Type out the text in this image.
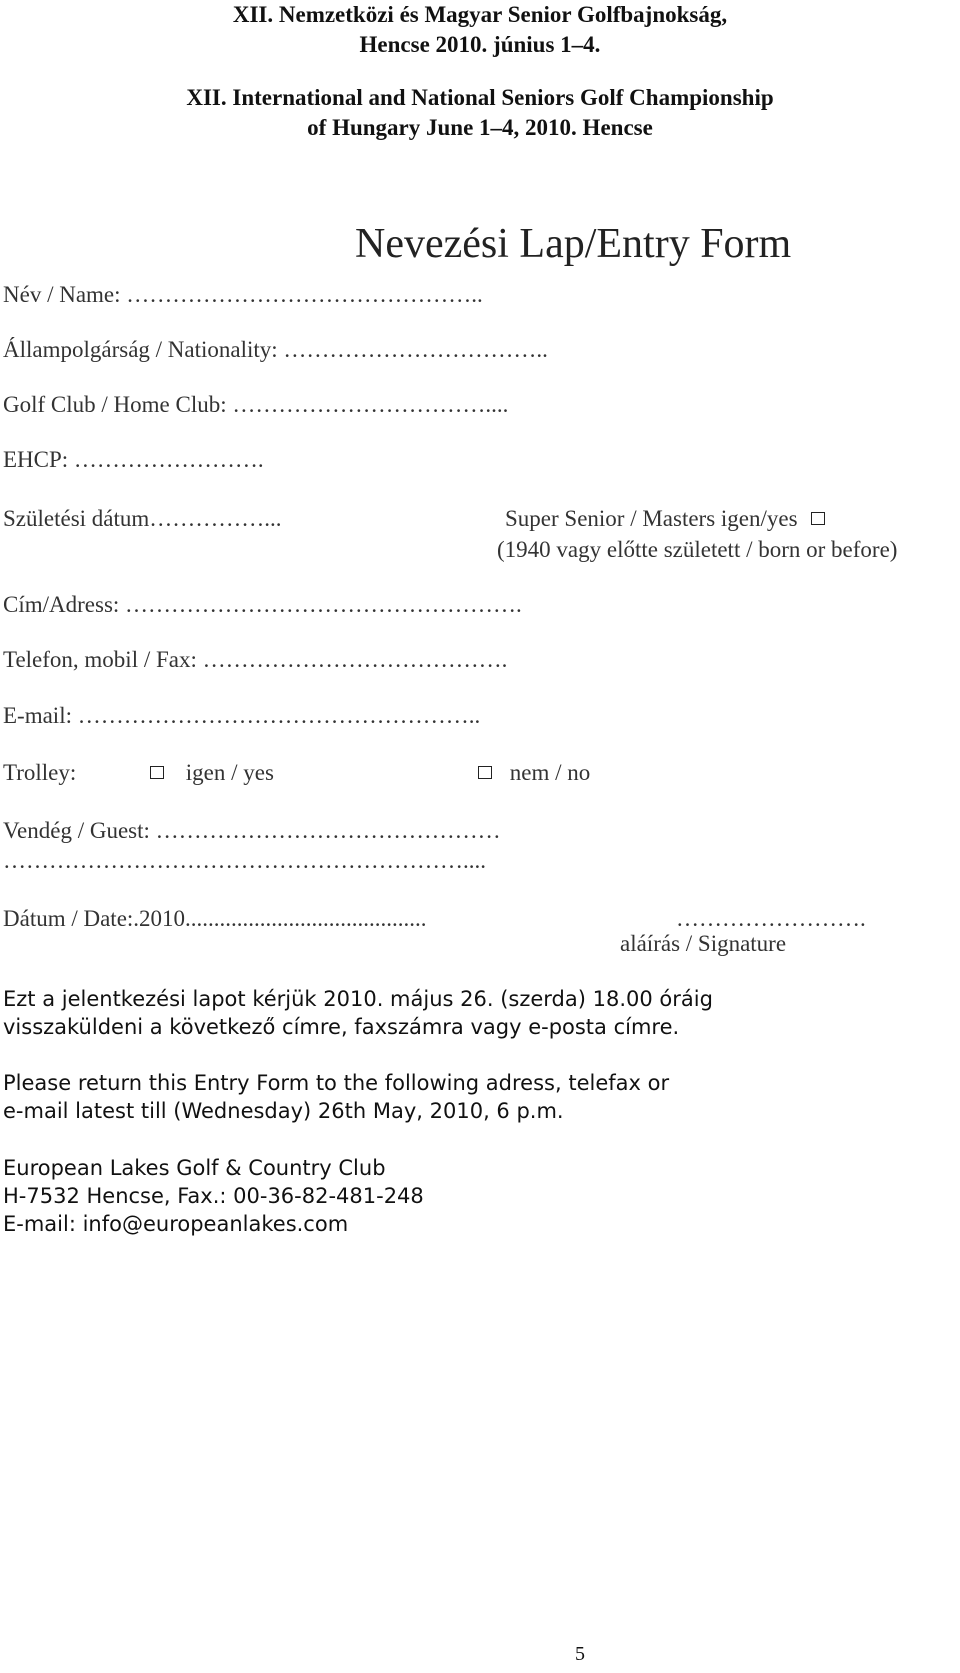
XII. Nemzetközi és Magyar Senior Golfbajnokság,
Hencse 2010. június 1–4.
XII. International and National Seniors Golf Championship
of Hungary June 1–4, 2010. Hencse
Nevezési Lap/Entry Form
Név / Name: ………………………………………..
Állampolgárság / Nationality: ……………………………..
Golf Club / Home Club: ……………………………....
EHCP: …………………….
Születési dátum……………...	Super Senior / Masters igen/yes
(1940 vagy előtte született / born or before)
Cím/Adress: …………………………………………….
Telefon, mobil / Fax: ………………………………….
E-mail: ……………………………………………..
Trolley:	igen / yes	nem / no
Vendég / Guest: ………………………………………
……………………………………………………....
Dátum / Date:.2010..........................................	…………………….
aláírás / Signature
Ezt a jelentkezési lapot kérjük 2010. május 26. (szerda) 18.00 óráig
visszaküldeni a következő címre, faxszámra vagy e-posta címre.
Please return this Entry Form to the following adress, telefax or
e-mail latest till (Wednesday) 26th May, 2010, 6 p.m.
European Lakes Golf & Country Club
H-7532 Hencse, Fax.: 00-36-82-481-248
E-mail: info@europeanlakes.com
5
